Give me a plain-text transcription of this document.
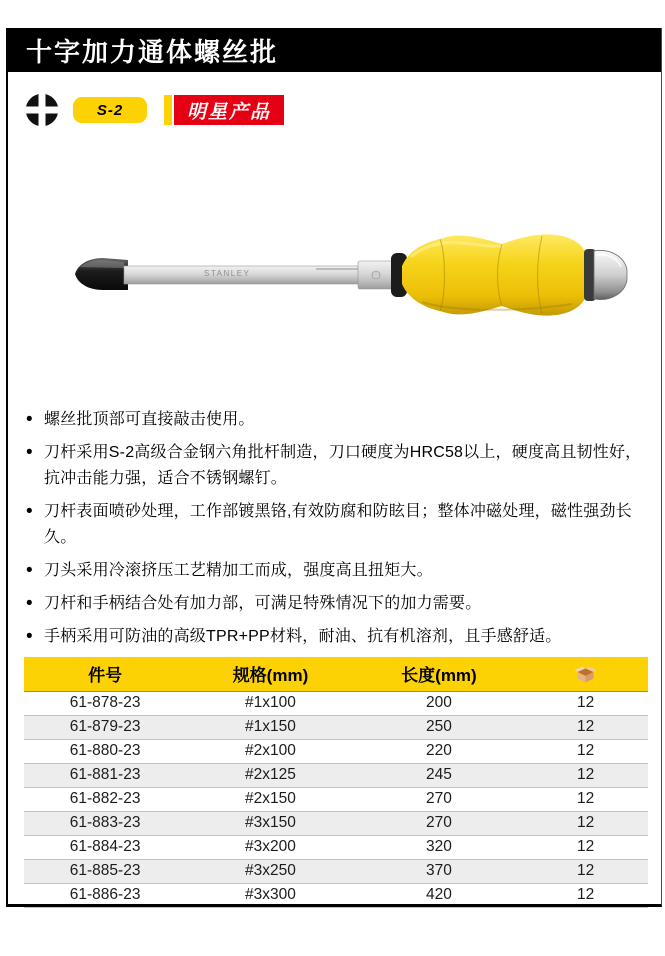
十字加力通体螺丝批
S-2	明星产品
STANLEY
• 螺丝批顶部可直接敲击使用。
• 刀杆采用S-2高级合金钢六角批杆制造，刀口硬度为HRC58以上，硬度高且韧性好，抗冲击能力强，适合不锈钢螺钉。
• 刀杆表面喷砂处理，工作部镀黑铬,有效防腐和防眩目；整体冲磁处理，磁性强劲长久。
• 刀头采用冷滚挤压工艺精加工而成，强度高且扭矩大。
• 刀杆和手柄结合处有加力部，可满足特殊情况下的加力需要。
• 手柄采用可防油的高级TPR+PP材料，耐油、抗有机溶剂，且手感舒适。
件号	规格(mm)	长度(mm)	
61-878-23	#1x100	200	12
61-879-23	#1x150	250	12
61-880-23	#2x100	220	12
61-881-23	#2x125	245	12
61-882-23	#2x150	270	12
61-883-23	#3x150	270	12
61-884-23	#3x200	320	12
61-885-23	#3x250	370	12
61-886-23	#3x300	420	12
